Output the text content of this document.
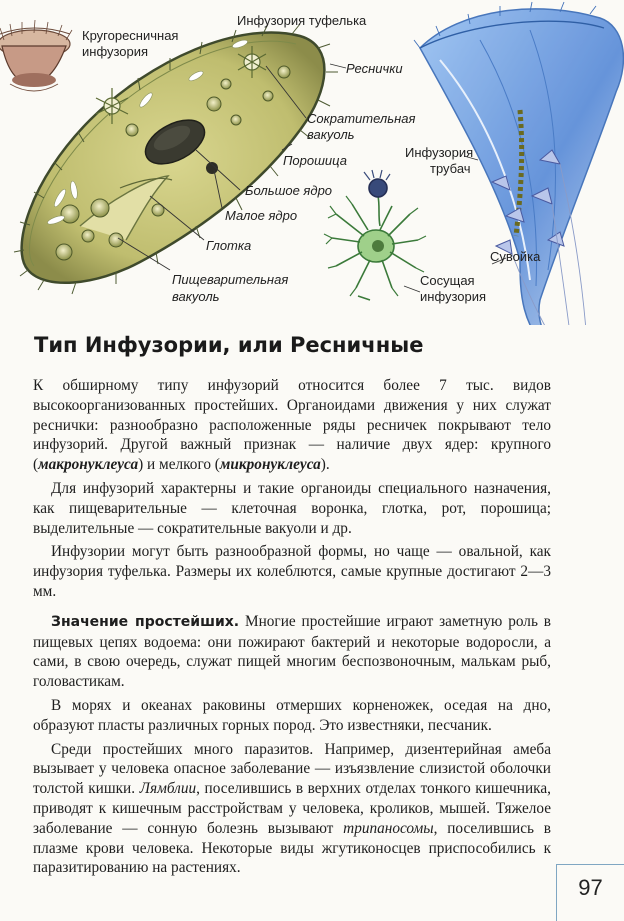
Кругоресничная
инфузория
Инфузория туфелька
Реснички
Сократительная
вакуоль
Порошица
Большое ядро
Малое ядро
Глотка
Пищеварительная
вакуоль
Инфузория
трубач
Сувойка
Сосущая
инфузория
Тип Инфузории, или Ресничные

К обширному типу инфузорий относится более 7 тыс. видов высокоорганизованных простейших. Органоидами движения у них служат реснички: разнообразно расположенные ряды ресничек покрывают тело инфузорий. Другой важный признак — наличие двух ядер: крупного (макронуклеуса) и мелкого (микронуклеуса).

Для инфузорий характерны и такие органоиды специального назначения, как пищеварительные — клеточная воронка, глотка, рот, порошица; выделительные — сократительные вакуоли и др.

Инфузории могут быть разнообразной формы, но чаще — овальной, как инфузория туфелька. Размеры их колеблются, самые крупные достигают 2—3 мм.

Значение простейших. Многие простейшие играют заметную роль в пищевых цепях водоема: они пожирают бактерий и некоторые водоросли, а сами, в свою очередь, служат пищей многим беспозвоночным, малькам рыб, головастикам.

В морях и океанах раковины отмерших корненожек, оседая на дно, образуют пласты различных горных пород. Это известняки, песчаник.

Среди простейших много паразитов. Например, дизентерийная амеба вызывает у человека опасное заболевание — изъязвление слизистой оболочки толстой кишки. Лямблии, поселившись в верхних отделах тонкого кишечника, приводят к кишечным расстройствам у человека, кроликов, мышей. Тяжелое заболевание — сонную болезнь вызывают трипаносомы, поселившись в плазме крови человека. Некоторые виды жгутиконосцев приспособились к паразитированию на растениях.

97
